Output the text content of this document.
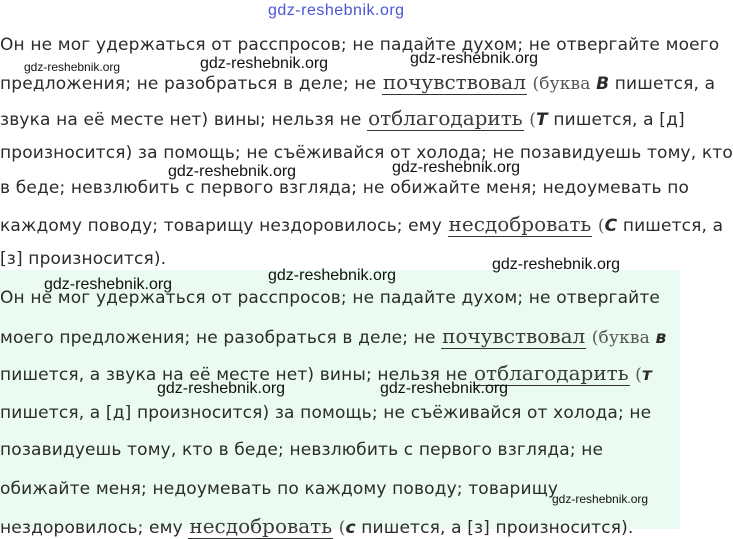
gdz-reshebnik.org
gdz-reshebnik.org	gdz-reshebnik.org	gdz-reshebnik.org
gdz-reshebnik.org
gdz-reshebnik.org
gdz-reshebnik.org
gdz-reshebnik.org
gdz-reshebnik.org
gdz-reshebnik.org	gdz-reshebnik.org
gdz-reshebnik.org
Он не мог удержаться от расспросов; не падайте духом; не отвергайте моего
предложения; не разобраться в деле; не почувствовал (буква В пишется, а
звука на её месте нет) вины; нельзя не отблагодарить (Т пишется, а [д]
произносится) за помощь; не съёживайся от холода; не позавидуешь тому, кто
в беде; невзлюбить с первого взгляда; не обижайте меня; недоумевать по
каждому поводу; товарищу нездоровилось; ему несдобровать (С пишется, а
[з] произносится).
Он не мог удержаться от расспросов; не падайте духом; не отвергайте
моего предложения; не разобраться в деле; не почувствовал (буква в
пишется, а звука на её месте нет) вины; нельзя не отблагодарить (т
пишется, а [д] произносится) за помощь; не съёживайся от холода; не
позавидуешь тому, кто в беде; невзлюбить с первого взгляда; не
обижайте меня; недоумевать по каждому поводу; товарищу
нездоровилось; ему несдобровать (с пишется, а [з] произносится).
